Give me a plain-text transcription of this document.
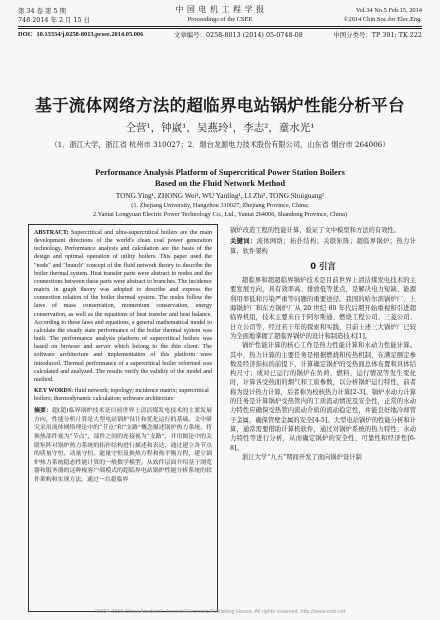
第 34 卷 第 5 期
748 2014 年 2 月 15 日
中 国 电 机 工 程 学 报
Proceedings of the CSEE
Vol.34 No.5 Feb.15, 2014
©2014 Chin.Soc.for Elec.Eng.
DOI：10.13334/j.0258-8013.pcsee.2014.05.006	文章编号：0258-8013 (2014) 05-0748-08	中图分类号：TP 391; TK 222
基于流体网络方法的超临界电站锅炉性能分析平台
仝营¹，钟崴¹，吴燕玲¹，李志²，童水光¹
（1．浙江大学，浙江省 杭州市 310027；2．烟台龙源电力技术股份有限公司，山东省 烟台市 264006）
Performance Analysis Platform of Supercritical Power Station Boilers
Based on the Fluid Network Method
TONG Ying¹, ZHONG Wei¹, WU Yanling¹, LI Zhi², TONG Shuiguang¹
(1. Zhejiang University, Hangzhou 310027, Zhejiang Province, China;
2.Yantai Longyuan Electric Power Technology Co., Ltd., Yantai 264006, Shandong Province, China)
ABSTRACT: Supercritical and ultra-supercritical boilers are the main development directions of the world's clean coal power generation technology. Performance analysis and calculation are the basis of the design and optimal operation of utility boilers. This paper used the "node" and "branch" concept of the fluid network theory to describe the boiler thermal system. Heat transfer parts were abstract to nodes and the connections between these parts were abstract to branches. The incidence matrix in graph theory was adopted to describe and express the connection relation of the boiler thermal system. The nodes follow the laws of mass conservation, momentum conservation, energy conservation, as well as the equations of heat transfer and heat balance. According to these laws and equations, a general mathematical model to calculate the steady state performance of the boiler thermal system was built. The performance analysis platform of supercritical boilers was based on browser and server which belong to the thin client. The software architecture and implementation of this platform were introduced. Thermal performance of a supercritical boiler reformed was calculated and analyzed. The results verify the validity of the model and method.
KEY WORDS: fluid network; topology; incidence matrix; supercritical boilers; thermodynamic calculation; software architecture
摘要：超(超)临界锅炉技术是目前世界上清洁煤发电技术的主要发展方向，性能分析计算是大型电站锅炉设计和优化运行的基础。文中研究采用流体网络理论中的“节点”和“支路”概念描述锅炉热力系统，将换热部件视为“节点”，部件之间的连接视为“支路”，并用图论中的关联矩阵对锅炉热力系统的拓扑结构进行描述和表达，通过建立各节点的质量守恒、动量守恒、能量守恒及换热方程和热平衡方程，建立锅炉热力系统稳态性能计算的一般数学模型。从软件层面介绍基于浏览器和服务器的这种瘦客户端模式的超临界电站锅炉性能分析系统的软件架构和实现方法。通过一台超临界

锅炉改造工程的性能计算，验证了文中模型和方法的有效性。

关键词：流体网络；拓扑结构；关联矩阵；超临界锅炉；热力计算；软件架构

0 引言

超临界和超超临界锅炉技术是目前世界上清洁煤发电技术的主要发展方向，具有效率高、排放低等优点，是解决电力短缺、能源利用率低和污染严重等问题的重要途径。我国的哈尔滨锅炉厂、上海锅炉厂和东方锅炉厂从 20 世纪 80 年代后期开始重视和引进超临界机组，技术主要来自于阿尔斯通、燃烧工程公司、三菱公司、日立公司等，经过若干年的探索和实践，目前上述三大锅炉厂已较为全面地掌握了超临界锅炉的设计和制造技术[1]。

锅炉性能计算的核心工作是热力性能计算和水动力性能计算。其中，热力计算的主要任务是根据燃烧和传热机制，在满足额定参数及经济指标的前提下，计算确定锅炉的受热面总体布置和具体结构尺寸；或对已运行的锅炉在负荷、燃料、运行情况等发生变化时，计算各受热面的烟气和工质参数，以分析锅炉运行特性，前者称为设计热力计算，后者称为校核热力计算[2-3]。锅炉水动力计算的任务是计算锅炉受热管内的工质流动情况及安全性，正常的水动力特性应确保受热管内流动介质的流动稳定性，并能良好地冷却管子金属，确保管壁金属的安全[4-5]。大型电站锅炉的性能分析和计算，通常需要借助计算机软件，通过对锅炉系统的热力特性、水动力特性等进行分析，从而确定锅炉的安全性、可靠性和经济性[6-8]。

浙江大学“九五”期间开发了面向锅炉设计制

?1994-2016 China Academic Journal Electronic Publishing House. All rights reserved. http://www.cnki.net
